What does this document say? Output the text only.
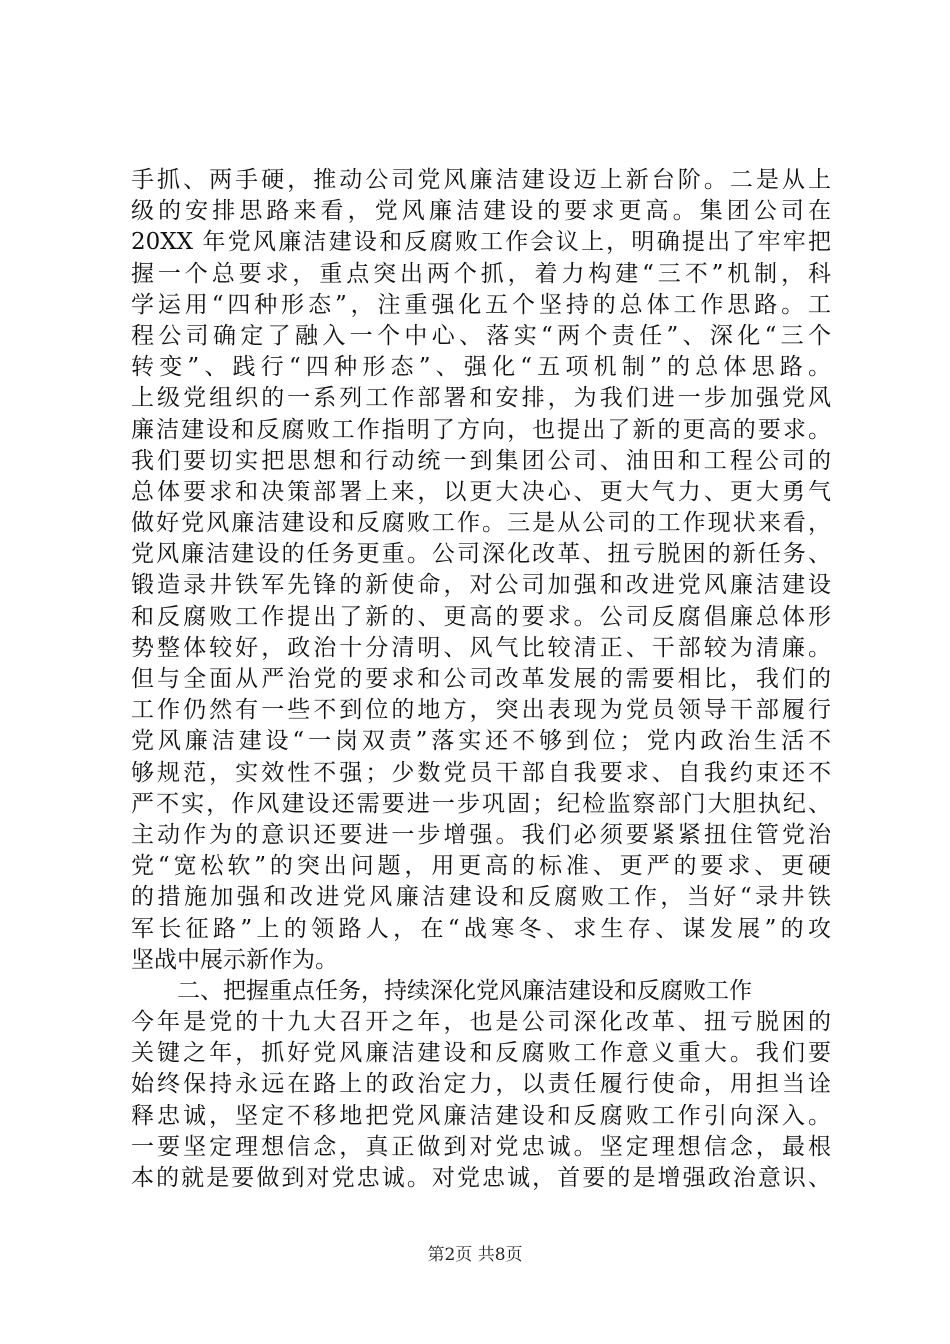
手抓、两手硬，推动公司党风廉洁建设迈上新台阶。二是从上
级的安排思路来看，党风廉洁建设的要求更高。集团公司在
20XX 年党风廉洁建设和反腐败工作会议上，明确提出了牢牢把
握一个总要求，重点突出两个抓，着力构建“三不”机制，科
学运用“四种形态”，注重强化五个坚持的总体工作思路。工
程公司确定了融入一个中心、落实“两个责任”、深化“三个
转变”、践行“四种形态”、强化“五项机制”的总体思路。
上级党组织的一系列工作部署和安排，为我们进一步加强党风
廉洁建设和反腐败工作指明了方向，也提出了新的更高的要求。
我们要切实把思想和行动统一到集团公司、油田和工程公司的
总体要求和决策部署上来，以更大决心、更大气力、更大勇气
做好党风廉洁建设和反腐败工作。三是从公司的工作现状来看，
党风廉洁建设的任务更重。公司深化改革、扭亏脱困的新任务、
锻造录井铁军先锋的新使命，对公司加强和改进党风廉洁建设
和反腐败工作提出了新的、更高的要求。公司反腐倡廉总体形
势整体较好，政治十分清明、风气比较清正、干部较为清廉。
但与全面从严治党的要求和公司改革发展的需要相比，我们的
工作仍然有一些不到位的地方，突出表现为党员领导干部履行
党风廉洁建设“一岗双责”落实还不够到位；党内政治生活不
够规范，实效性不强；少数党员干部自我要求、自我约束还不
严不实，作风建设还需要进一步巩固；纪检监察部门大胆执纪、
主动作为的意识还要进一步增强。我们必须要紧紧扭住管党治
党“宽松软”的突出问题，用更高的标准、更严的要求、更硬
的措施加强和改进党风廉洁建设和反腐败工作，当好“录井铁
军长征路”上的领路人，在“战寒冬、求生存、谋发展”的攻
坚战中展示新作为。
二、把握重点任务，持续深化党风廉洁建设和反腐败工作
今年是党的十九大召开之年，也是公司深化改革、扭亏脱困的
关键之年，抓好党风廉洁建设和反腐败工作意义重大。我们要
始终保持永远在路上的政治定力，以责任履行使命，用担当诠
释忠诚，坚定不移地把党风廉洁建设和反腐败工作引向深入。
一要坚定理想信念，真正做到对党忠诚。坚定理想信念，最根
本的就是要做到对党忠诚。对党忠诚，首要的是增强政治意识、
第2页 共8页
